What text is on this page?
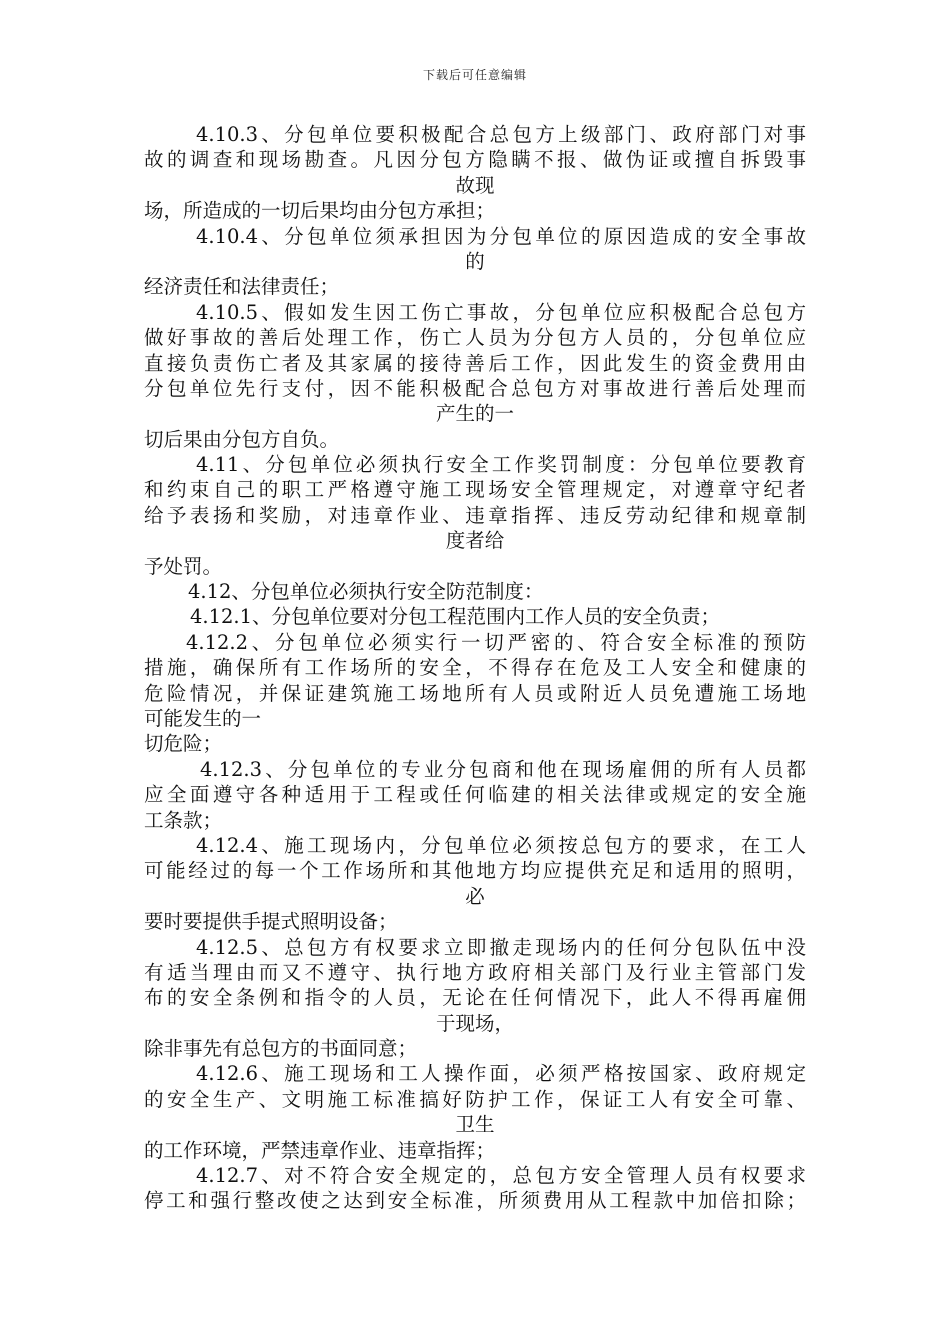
下载后可任意编辑
4.10.3、分包单位要积极配合总包方上级部门、政府部门对事
故的调查和现场勘查。凡因分包方隐瞒不报、做伪证或擅自拆毁事
故现
场，所造成的一切后果均由分包方承担；
4.10.4、分包单位须承担因为分包单位的原因造成的安全事故
的
经济责任和法律责任；
4.10.5、假如发生因工伤亡事故，分包单位应积极配合总包方
做好事故的善后处理工作，伤亡人员为分包方人员的，分包单位应
直接负责伤亡者及其家属的接待善后工作，因此发生的资金费用由
分包单位先行支付，因不能积极配合总包方对事故进行善后处理而
产生的一
切后果由分包方自负。
4.11、分包单位必须执行安全工作奖罚制度：分包单位要教育
和约束自己的职工严格遵守施工现场安全管理规定，对遵章守纪者
给予表扬和奖励，对违章作业、违章指挥、违反劳动纪律和规章制
度者给
予处罚。
4.12、分包单位必须执行安全防范制度：
4.12.1、分包单位要对分包工程范围内工作人员的安全负责；
4.12.2、分包单位必须实行一切严密的、符合安全标准的预防
措施，确保所有工作场所的安全，不得存在危及工人安全和健康的
危险情况，并保证建筑施工场地所有人员或附近人员免遭施工场地
可能发生的一
切危险；
4.12.3、分包单位的专业分包商和他在现场雇佣的所有人员都
应全面遵守各种适用于工程或任何临建的相关法律或规定的安全施
工条款；
4.12.4、施工现场内，分包单位必须按总包方的要求，在工人
可能经过的每一个工作场所和其他地方均应提供充足和适用的照明，
必
要时要提供手提式照明设备；
4.12.5、总包方有权要求立即撤走现场内的任何分包队伍中没
有适当理由而又不遵守、执行地方政府相关部门及行业主管部门发
布的安全条例和指令的人员，无论在任何情况下，此人不得再雇佣
于现场，
除非事先有总包方的书面同意；
4.12.6、施工现场和工人操作面，必须严格按国家、政府规定
的安全生产、文明施工标准搞好防护工作，保证工人有安全可靠、
卫生
的工作环境，严禁违章作业、违章指挥；
4.12.7、对不符合安全规定的，总包方安全管理人员有权要求
停工和强行整改使之达到安全标准，所须费用从工程款中加倍扣除；
